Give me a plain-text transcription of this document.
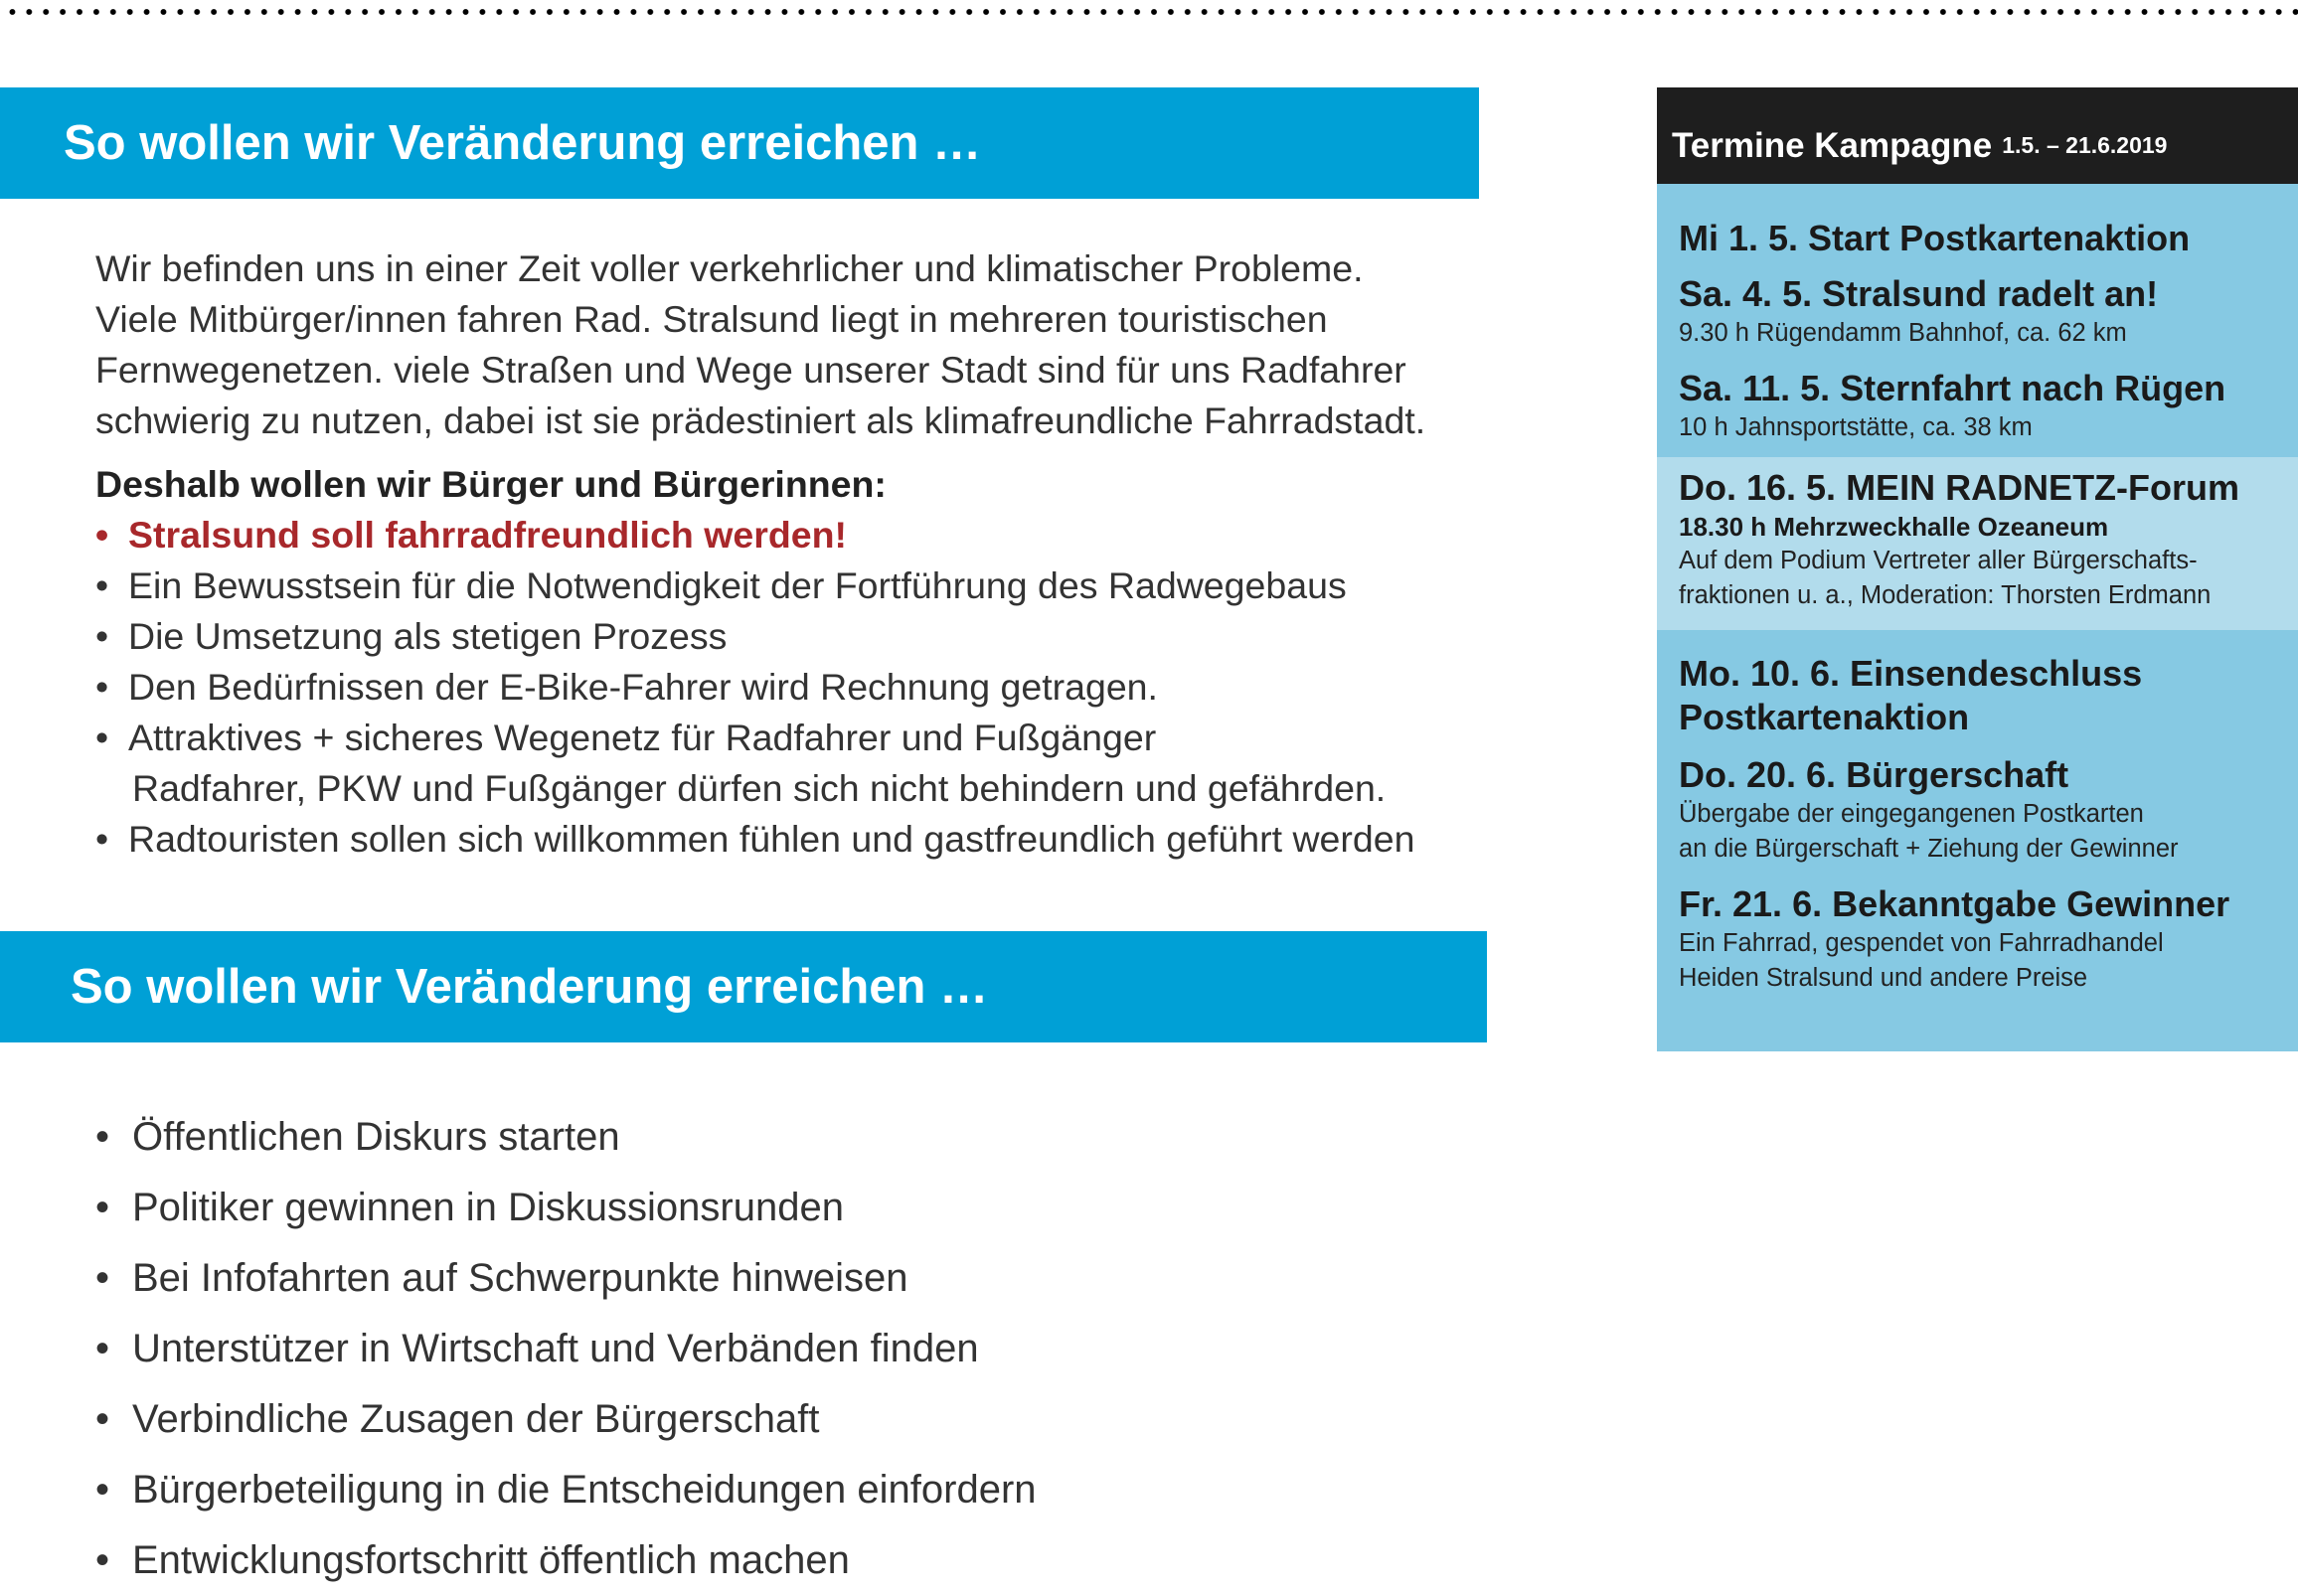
So wollen wir Veränderung erreichen …
Wir befinden uns in einer Zeit voller verkehrlicher und klimatischer Probleme.
Viele Mitbürger/innen fahren Rad. Stralsund liegt in mehreren touristischen
Fernwegenetzen. viele Straßen und Wege unserer Stadt sind für uns Radfahrer
schwierig zu nutzen, dabei ist sie prädestiniert als klimafreundliche Fahrradstadt.
Deshalb wollen wir Bürger und Bürgerinnen:
• Stralsund soll fahrradfreundlich werden!
• Ein Bewusstsein für die Notwendigkeit der Fortführung des Radwegebaus
• Die Umsetzung als stetigen Prozess
• Den Bedürfnissen der E-Bike-Fahrer wird Rechnung getragen.
• Attraktives + sicheres Wegenetz für Radfahrer und Fußgänger
Radfahrer, PKW und Fußgänger dürfen sich nicht behindern und gefährden.
• Radtouristen sollen sich willkommen fühlen und gastfreundlich geführt werden
So wollen wir Veränderung erreichen …
• Öffentlichen Diskurs starten
• Politiker gewinnen in Diskussionsrunden
• Bei Infofahrten auf Schwerpunkte hinweisen
• Unterstützer in Wirtschaft und Verbänden finden
• Verbindliche Zusagen der Bürgerschaft
• Bürgerbeteiligung in die Entscheidungen einfordern
• Entwicklungsfortschritt öffentlich machen
Termine Kampagne 1.5. – 21.6.2019
Mi 1. 5. Start Postkartenaktion
Sa. 4. 5. Stralsund radelt an!
9.30 h Rügendamm Bahnhof, ca. 62 km
Sa. 11. 5. Sternfahrt nach Rügen
10 h Jahnsportstätte, ca. 38 km
Do. 16. 5. MEIN RADNETZ-Forum
18.30 h Mehrzweckhalle Ozeaneum
Auf dem Podium Vertreter aller Bürgerschafts-
fraktionen u. a., Moderation: Thorsten Erdmann
Mo. 10. 6. Einsendeschluss
Postkartenaktion
Do. 20. 6. Bürgerschaft
Übergabe der eingegangenen Postkarten
an die Bürgerschaft + Ziehung der Gewinner
Fr. 21. 6. Bekanntgabe Gewinner
Ein Fahrrad, gespendet von Fahrradhandel
Heiden Stralsund und andere Preise
